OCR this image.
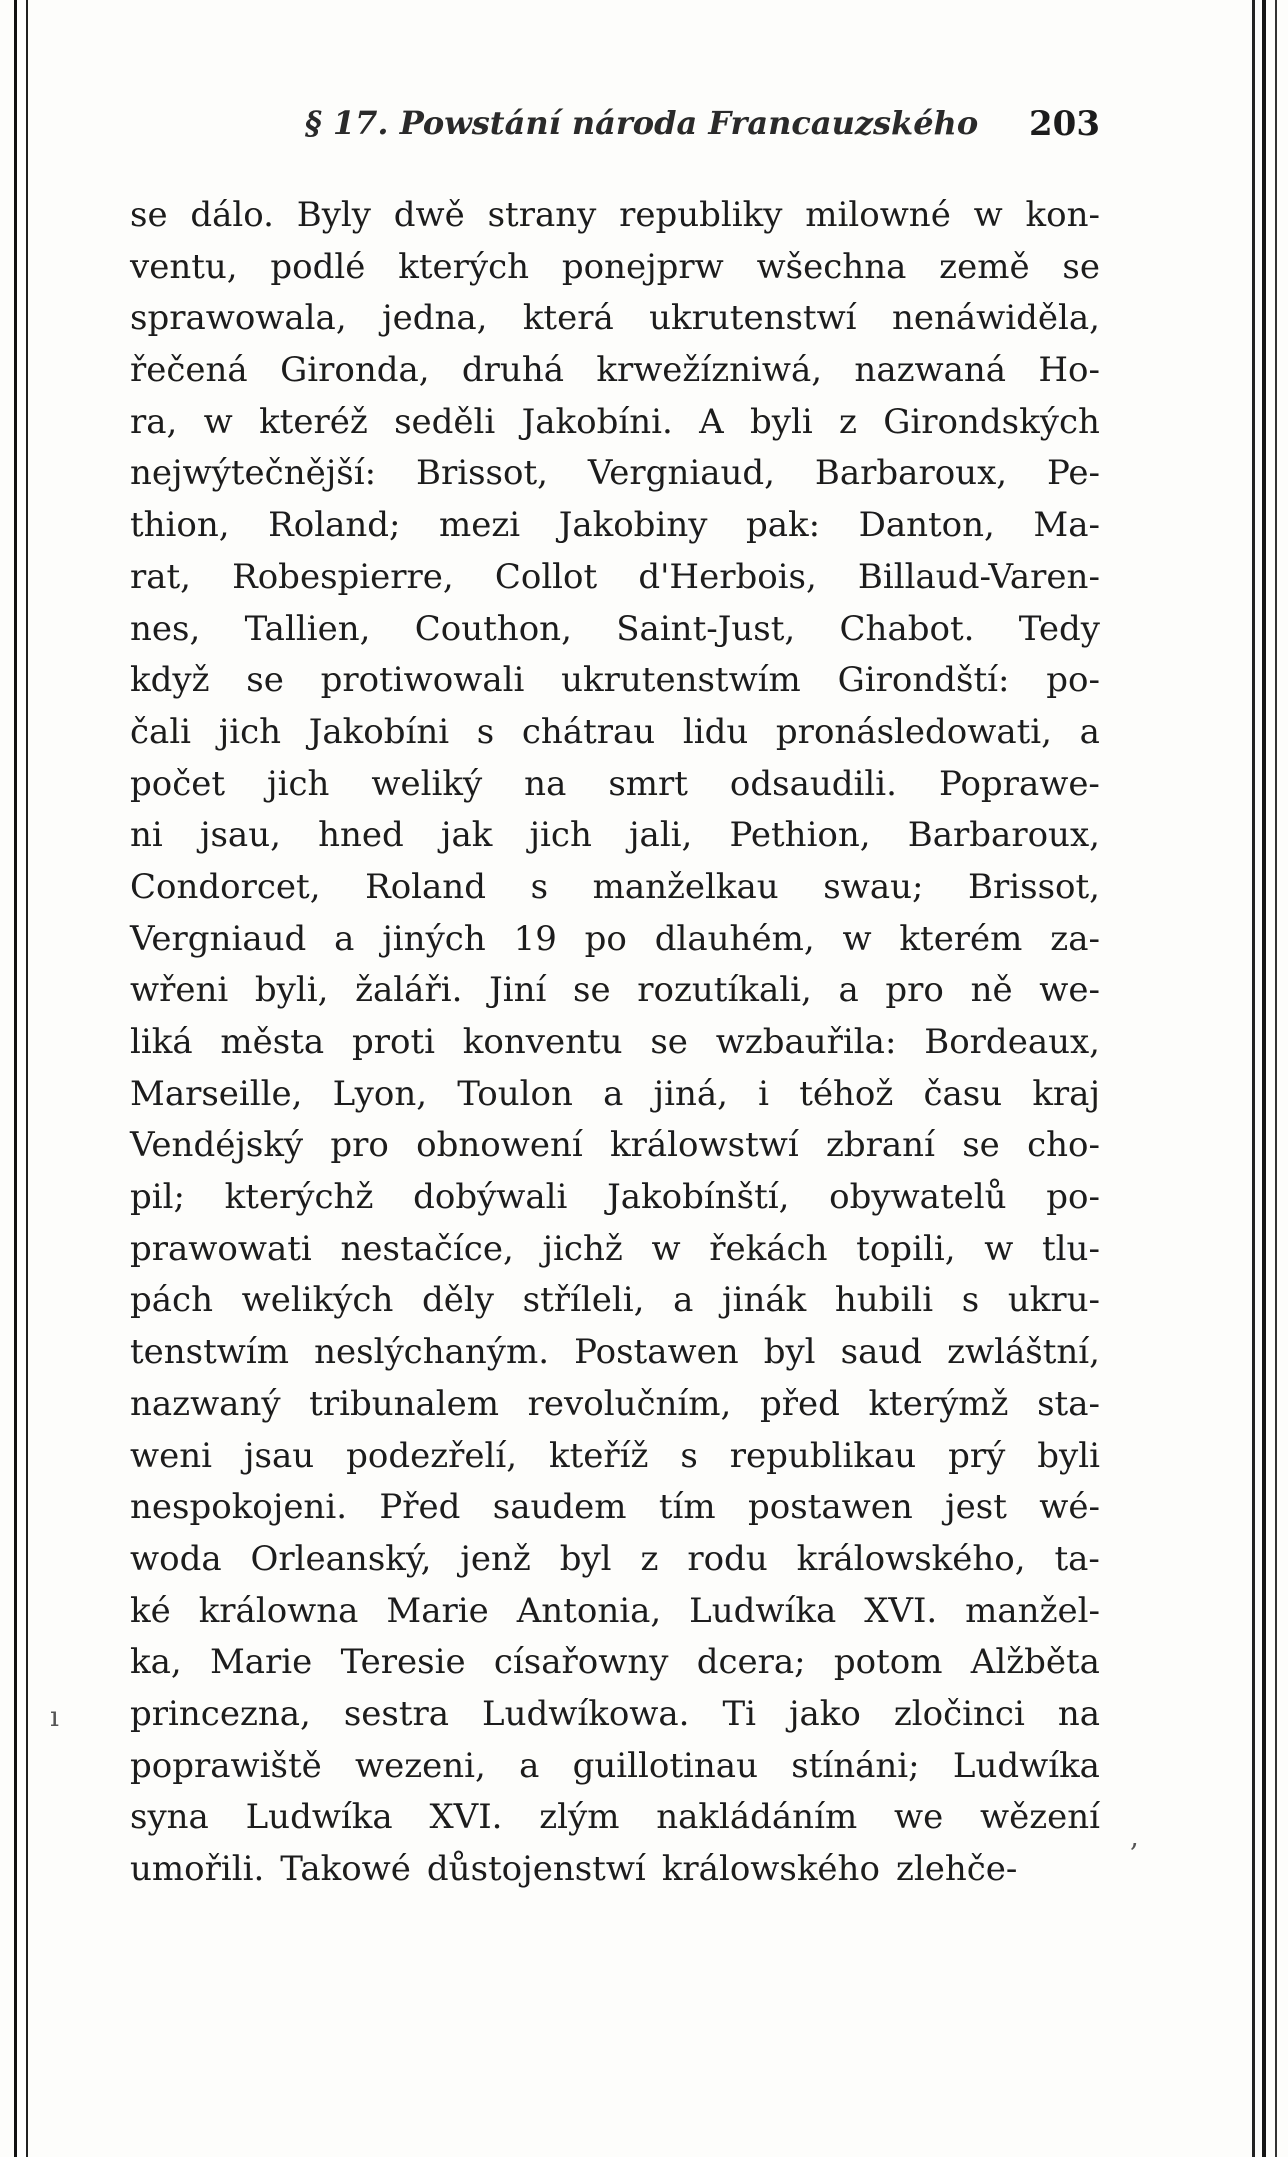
§ 17. Powstání národa Francauzského 203
se dálo. Byly dwě strany republiky milowné w kon-
ventu, podlé kterých ponejprw wšechna země se
sprawowala, jedna, která ukrutenstwí nenáwiděla,
řečená Gironda, druhá krwežízniwá, nazwaná Ho-
ra, w kteréž seděli Jakobíni. A byli z Girondských
nejwýtečnější: Brissot, Vergniaud, Barbaroux, Pe-
thion, Roland; mezi Jakobiny pak: Danton, Ma-
rat, Robespierre, Collot d'Herbois, Billaud-Varen-
nes, Tallien, Couthon, Saint-Just, Chabot. Tedy
když se protiwowali ukrutenstwím Girondští: po-
čali jich Jakobíni s chátrau lidu pronásledowati, a
počet jich weliký na smrt odsaudili. Poprawe-
ni jsau, hned jak jich jali, Pethion, Barbaroux,
Condorcet, Roland s manželkau swau; Brissot,
Vergniaud a jiných 19 po dlauhém, w kterém za-
wřeni byli, žaláři. Jiní se rozutíkali, a pro ně we-
liká města proti konventu se wzbauřila: Bordeaux,
Marseille, Lyon, Toulon a jiná, i téhož času kraj
Vendéjský pro obnowení králowstwí zbraní se cho-
pil; kterýchž dobýwali Jakobínští, obywatelů po-
prawowati nestačíce, jichž w řekách topili, w tlu-
pách welikých děly stříleli, a jinák hubili s ukru-
tenstwím neslýchaným. Postawen byl saud zwláštní,
nazwaný tribunalem revolučním, před kterýmž sta-
weni jsau podezřelí, kteříž s republikau prý byli
nespokojeni. Před saudem tím postawen jest wé-
woda Orleanský, jenž byl z rodu králowského, ta-
ké králowna Marie Antonia, Ludwíka XVI. manžel-
ka, Marie Teresie císařowny dcera; potom Alžběta
princezna, sestra Ludwíkowa. Ti jako zločinci na
poprawiště wezeni, a guillotinau stínáni; Ludwíka
syna Ludwíka XVI. zlým nakládáním we wězení
umořili. Takowé důstojenstwí králowského zlehče-
ı
,
